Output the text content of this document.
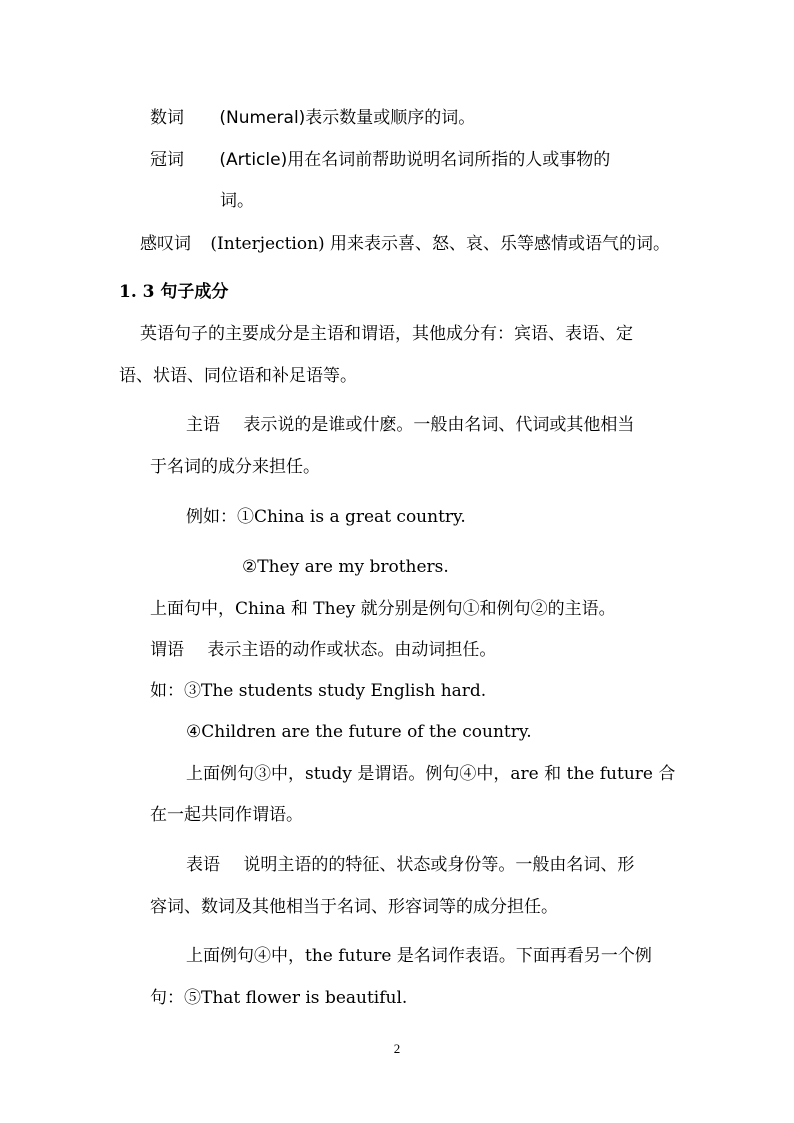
数词 (Numeral)表示数量或顺序的词。
冠词 (Article)用在名词前帮助说明名词所指的人或事物的
词。
感叹词 (Interjection) 用来表示喜、怒、哀、乐等感情或语气的词。
1. 3 句子成分
英语句子的主要成分是主语和谓语，其他成分有：宾语、表语、定
语、状语、同位语和补足语等。
主语 表示说的是谁或什麽。一般由名词、代词或其他相当
于名词的成分来担任。
例如：①China is a great country.
②They are my brothers.
上面句中，China 和 They 就分别是例句①和例句②的主语。
谓语 表示主语的动作或状态。由动词担任。
如：③The students study English hard.
④Children are the future of the country.
上面例句③中，study 是谓语。例句④中，are 和 the future 合
在一起共同作谓语。
表语 说明主语的的特征、状态或身份等。一般由名词、形
容词、数词及其他相当于名词、形容词等的成分担任。
上面例句④中，the future 是名词作表语。下面再看另一个例
句：⑤That flower is beautiful.
2
